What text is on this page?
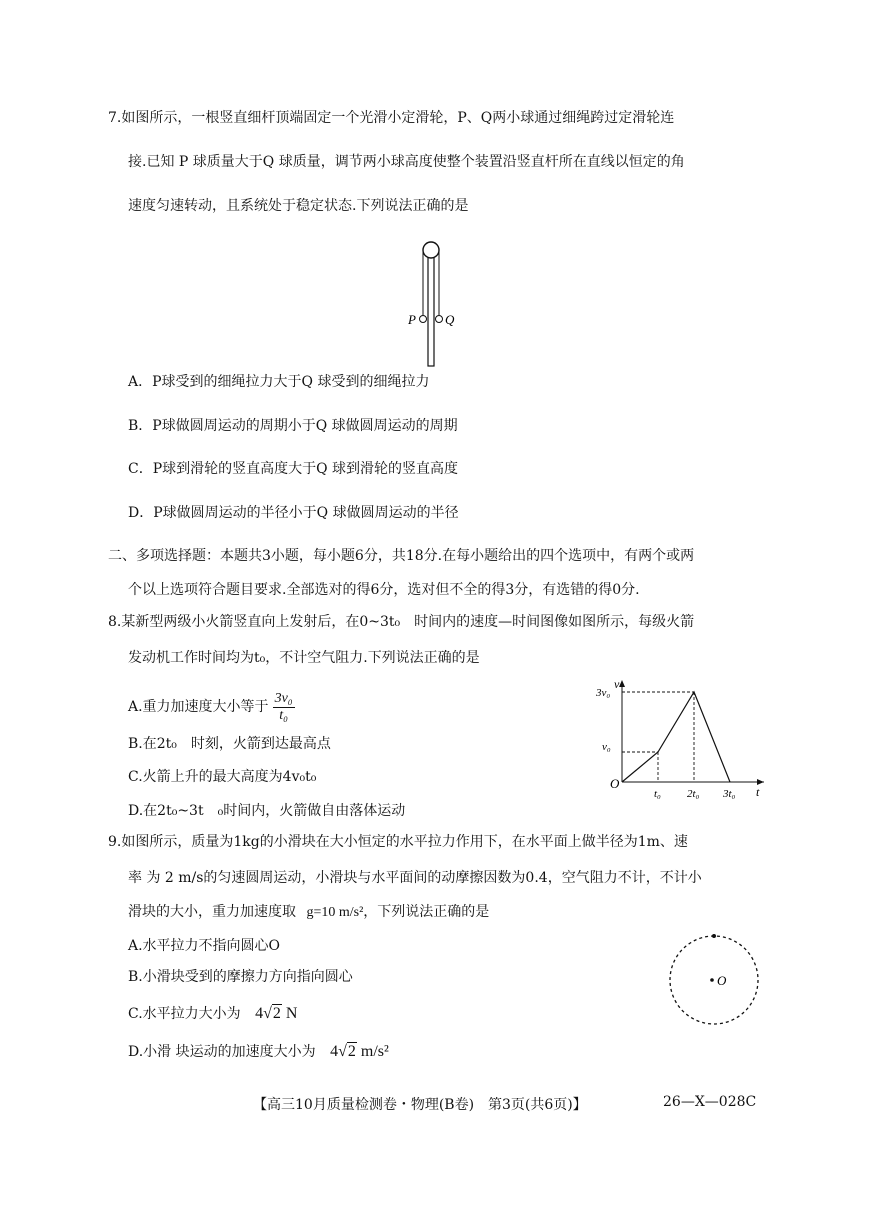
7.如图所示，一根竖直细杆顶端固定一个光滑小定滑轮，P、Q两小球通过细绳跨过定滑轮连
接.已知 P 球质量大于Q 球质量，调节两小球高度使整个装置沿竖直杆所在直线以恒定的角
速度匀速转动，且系统处于稳定状态.下列说法正确的是
P Q
A．P球受到的细绳拉力大于Q 球受到的细绳拉力
B．P球做圆周运动的周期小于Q 球做圆周运动的周期
C．P球到滑轮的竖直高度大于Q 球到滑轮的竖直高度
D．P球做圆周运动的半径小于Q 球做圆周运动的半径
二、多项选择题：本题共3小题，每小题6分，共18分.在每小题给出的四个选项中，有两个或两
个以上选项符合题目要求.全部选对的得6分，选对但不全的得3分，有选错的得0分.
8.某新型两级小火箭竖直向上发射后，在0~3t₀　时间内的速度—时间图像如图所示，每级火箭
发动机工作时间均为t₀，不计空气阻力.下列说法正确的是
A.重力加速度大小等于 $\frac{\text{3v₀}}{\text{t₀}}$
B.在2t₀　时刻，火箭到达最高点
C.火箭上升的最大高度为4v₀t₀
D.在2t₀~3t　₀时间内，火箭做自由落体运动
v
t
O
3v₀
v₀
t₀ 2t₀ 3t₀
9.如图所示，质量为1kg的小滑块在大小恒定的水平拉力作用下，在水平面上做半径为1m、速
率 为 2 m/s的匀速圆周运动，小滑块与水平面间的动摩擦因数为0.4，空气阻力不计，不计小
滑块的大小，重力加速度取 g=10 m/s²，下列说法正确的是
A.水平拉力不指向圆心O
B.小滑块受到的摩擦力方向指向圆心
C.水平拉力大小为 4√2 N
D.小滑 块运动的加速度大小为 4√2 m/s²
O
【高三10月质量检测卷・物理(B卷)　第3页(共6页)】	26—X—028C
